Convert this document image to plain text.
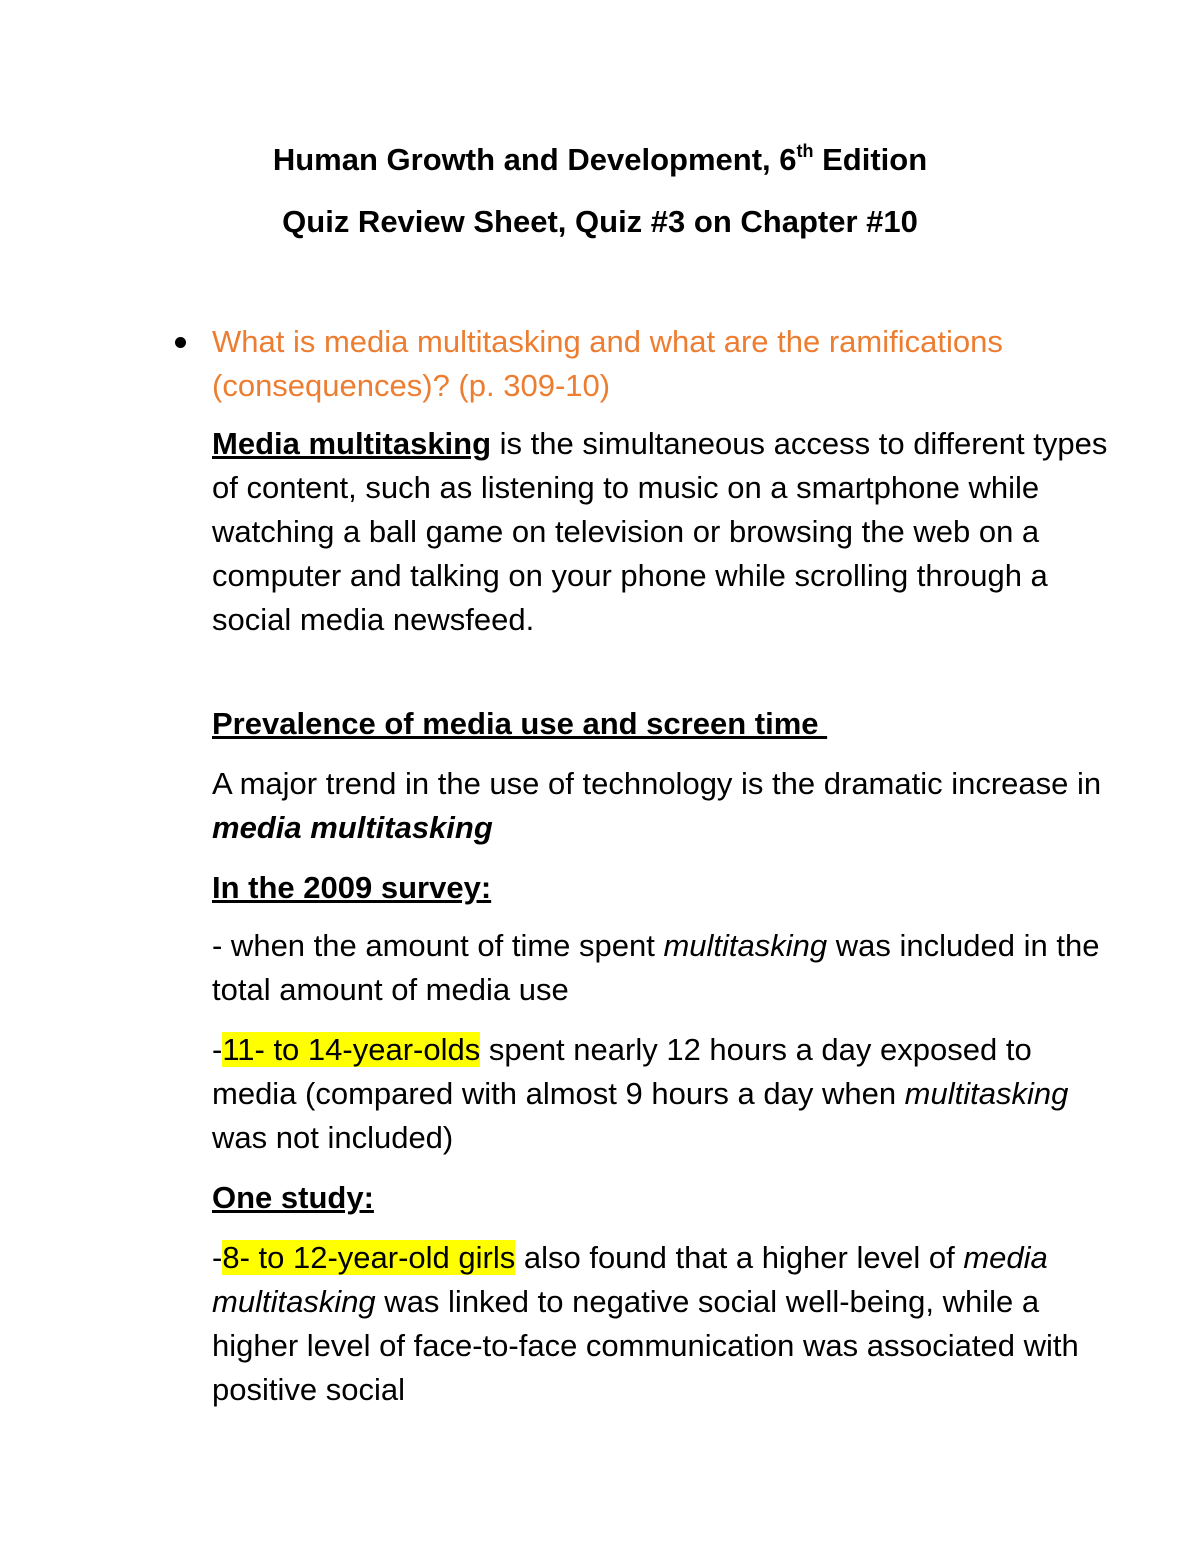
Human Growth and Development, 6th Edition
Quiz Review Sheet, Quiz #3 on Chapter #10
What is media multitasking and what are the ramifications (consequences)? (p. 309-10)
Media multitasking is the simultaneous access to different types of content, such as listening to music on a smartphone while watching a ball game on television or browsing the web on a computer and talking on your phone while scrolling through a social media newsfeed.
Prevalence of media use and screen time
A major trend in the use of technology is the dramatic increase in media multitasking
In the 2009 survey:
- when the amount of time spent multitasking was included in the total amount of media use
-11- to 14-year-olds spent nearly 12 hours a day exposed to media (compared with almost 9 hours a day when multitasking was not included)
One study:
-8- to 12-year-old girls also found that a higher level of media multitasking was linked to negative social well-being, while a higher level of face-to-face communication was associated with positive social
